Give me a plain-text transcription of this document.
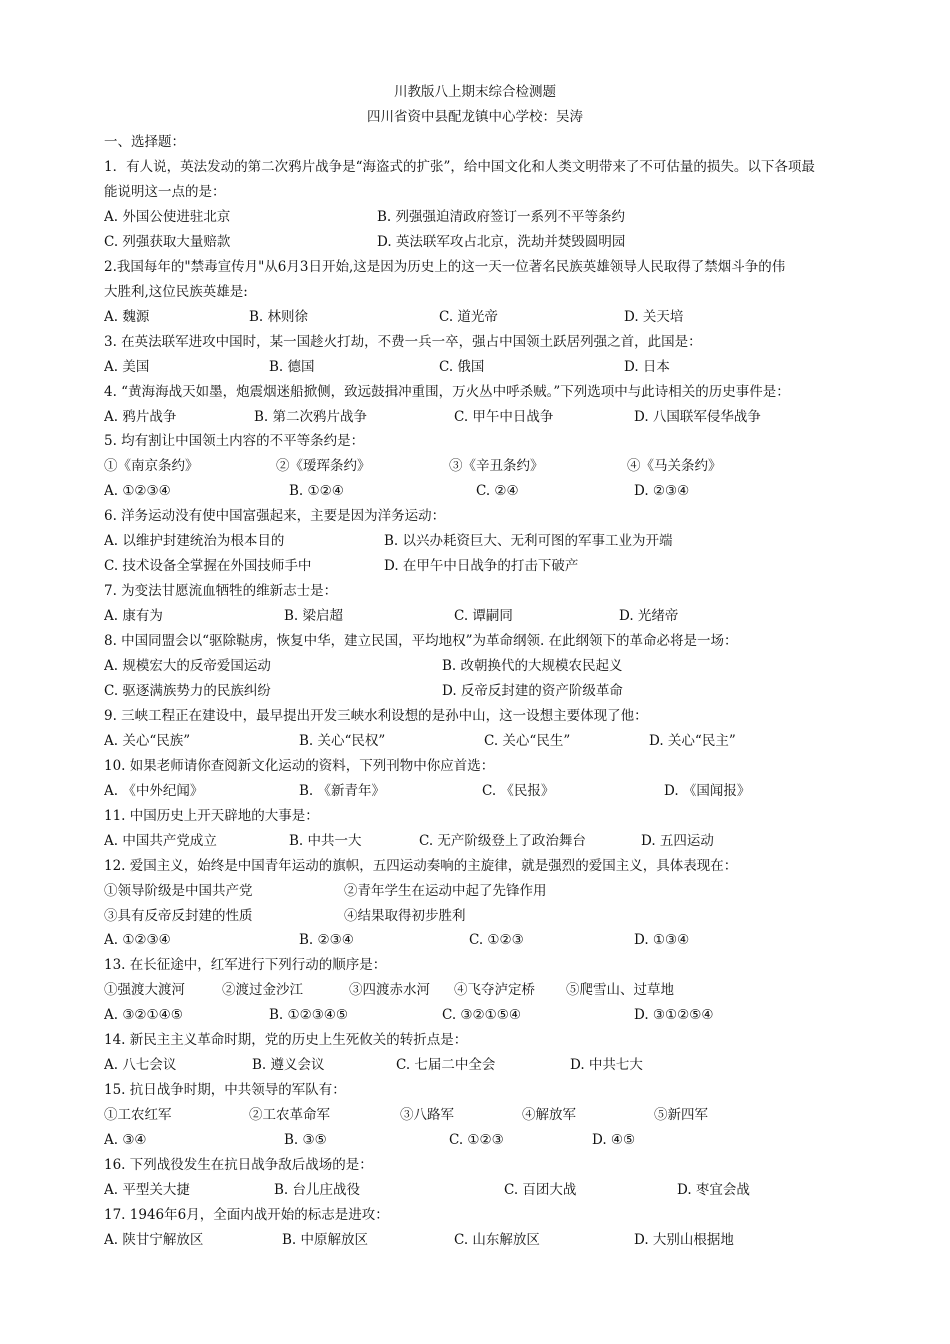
川教版八上期末综合检测题
四川省资中县配龙镇中心学校：吴涛
一、选择题：
1．有人说，英法发动的第二次鸦片战争是“海盗式的扩张”，给中国文化和人类文明带来了不可估量的损失。以下各项最
能说明这一点的是：
A. 外国公使进驻北京	B. 列强强迫清政府签订一系列不平等条约
C. 列强获取大量赔款	D. 英法联军攻占北京，洗劫并焚毁圆明园
2.我国每年的"禁毒宣传月"从6月3日开始,这是因为历史上的这一天一位著名民族英雄领导人民取得了禁烟斗争的伟
大胜利,这位民族英雄是:
A. 魏源	B. 林则徐	C. 道光帝	D. 关天培
3. 在英法联军进攻中国时，某一国趁火打劫，不费一兵一卒，强占中国领土跃居列强之首，此国是：
A. 美国	B. 德国	C. 俄国	D. 日本
4. “黄海海战天如墨，炮震烟迷船掀侧，致远鼓揖冲重围，万火丛中呼杀贼。”下列选项中与此诗相关的历史事件是：
A. 鸦片战争	B. 第二次鸦片战争	C. 甲午中日战争	D. 八国联军侵华战争
5. 均有割让中国领土内容的不平等条约是：
①《南京条约》	②《瑷珲条约》	③《辛丑条约》	④《马关条约》
A. ①②③④	B. ①②④	C. ②④	D. ②③④
6. 洋务运动没有使中国富强起来，主要是因为洋务运动：
A. 以维护封建统治为根本目的	B. 以兴办耗资巨大、无利可图的军事工业为开端
C. 技术设备全掌握在外国技师手中	D. 在甲午中日战争的打击下破产
7. 为变法甘愿流血牺牲的维新志士是：
A. 康有为	B. 梁启超	C. 谭嗣同	D. 光绪帝
8. 中国同盟会以“驱除鞑虏，恢复中华，建立民国，平均地权”为革命纲领. 在此纲领下的革命必将是一场：
A. 规模宏大的反帝爱国运动	B. 改朝换代的大规模农民起义
C. 驱逐满族势力的民族纠纷	D. 反帝反封建的资产阶级革命
9. 三峡工程正在建设中，最早提出开发三峡水利设想的是孙中山，这一设想主要体现了他：
A. 关心“民族”	B. 关心“民权”	C. 关心“民生”	D. 关心“民主”
10. 如果老师请你查阅新文化运动的资料，下列刊物中你应首选：
A. 《中外纪闻》	B. 《新青年》	C. 《民报》	D. 《国闻报》
11. 中国历史上开天辟地的大事是：
A. 中国共产党成立	B. 中共一大	C. 无产阶级登上了政治舞台	D. 五四运动
12. 爱国主义，始终是中国青年运动的旗帜，五四运动奏响的主旋律，就是强烈的爱国主义，具体表现在：
①领导阶级是中国共产党	②青年学生在运动中起了先锋作用
③具有反帝反封建的性质	④结果取得初步胜利
A. ①②③④	B. ②③④	C. ①②③	D. ①③④
13. 在长征途中，红军进行下列行动的顺序是：
①强渡大渡河	②渡过金沙江	③四渡赤水河 ④飞夺泸定桥 ⑤爬雪山、过草地
A. ③②①④⑤	B. ①②③④⑤	C. ③②①⑤④	D. ③①②⑤④
14. 新民主主义革命时期，党的历史上生死攸关的转折点是：
A. 八七会议	B. 遵义会议	C. 七届二中全会	D. 中共七大
15. 抗日战争时期，中共领导的军队有：
①工农红军	②工农革命军	③八路军	④解放军	⑤新四军
A. ③④	B. ③⑤	C. ①②③	D. ④⑤
16. 下列战役发生在抗日战争敌后战场的是：
A. 平型关大捷	B. 台儿庄战役	C. 百团大战	D. 枣宜会战
17. 1946年6月，全面内战开始的标志是进攻：
A. 陕甘宁解放区	B. 中原解放区	C. 山东解放区	D. 大别山根据地
